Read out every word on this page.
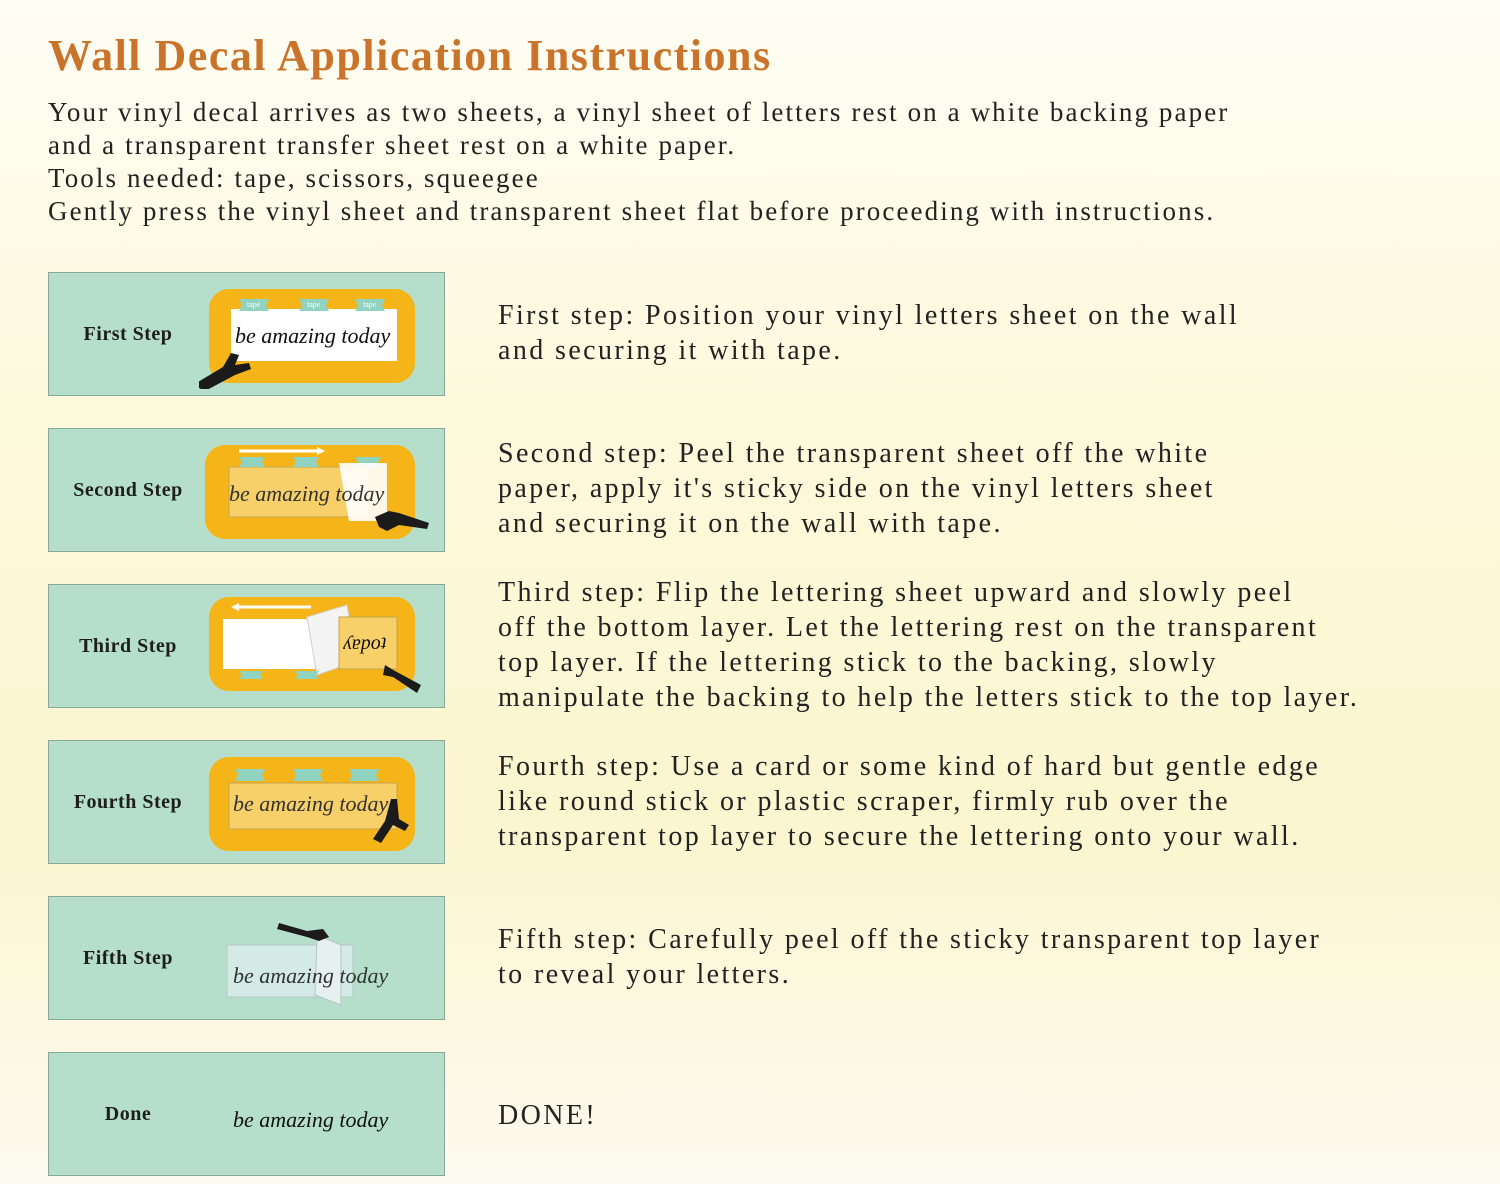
Wall Decal Application Instructions
Your vinyl decal arrives as two sheets, a vinyl sheet of letters rest on a white backing paper
and a transparent transfer sheet rest on a white paper.
Tools needed: tape, scissors, squeegee
Gently press the vinyl sheet and transparent sheet flat before proceeding with instructions.
First Step
tape	tape	tape
be amazing today
First step: Position your vinyl letters sheet on the wall
and securing it with tape.
Second Step	be amazing today
Second step: Peel the transparent sheet off the white
paper, apply it's sticky side on the vinyl letters sheet
and securing it on the wall with tape.
Third Step	ʎɐpoʇ
Third step: Flip the lettering sheet upward and slowly peel
off the bottom layer. Let the lettering rest on the transparent
top layer. If the lettering stick to the backing, slowly
manipulate the backing to help the letters stick to the top layer.
Fourth Step	be amazing today
Fourth step: Use a card or some kind of hard but gentle edge
like round stick or plastic scraper, firmly rub over the
transparent top layer to secure the lettering onto your wall.
Fifth Step
be amazing today
Fifth step: Carefully peel off the sticky transparent top layer
to reveal your letters.
Done	be amazing today	DONE!
